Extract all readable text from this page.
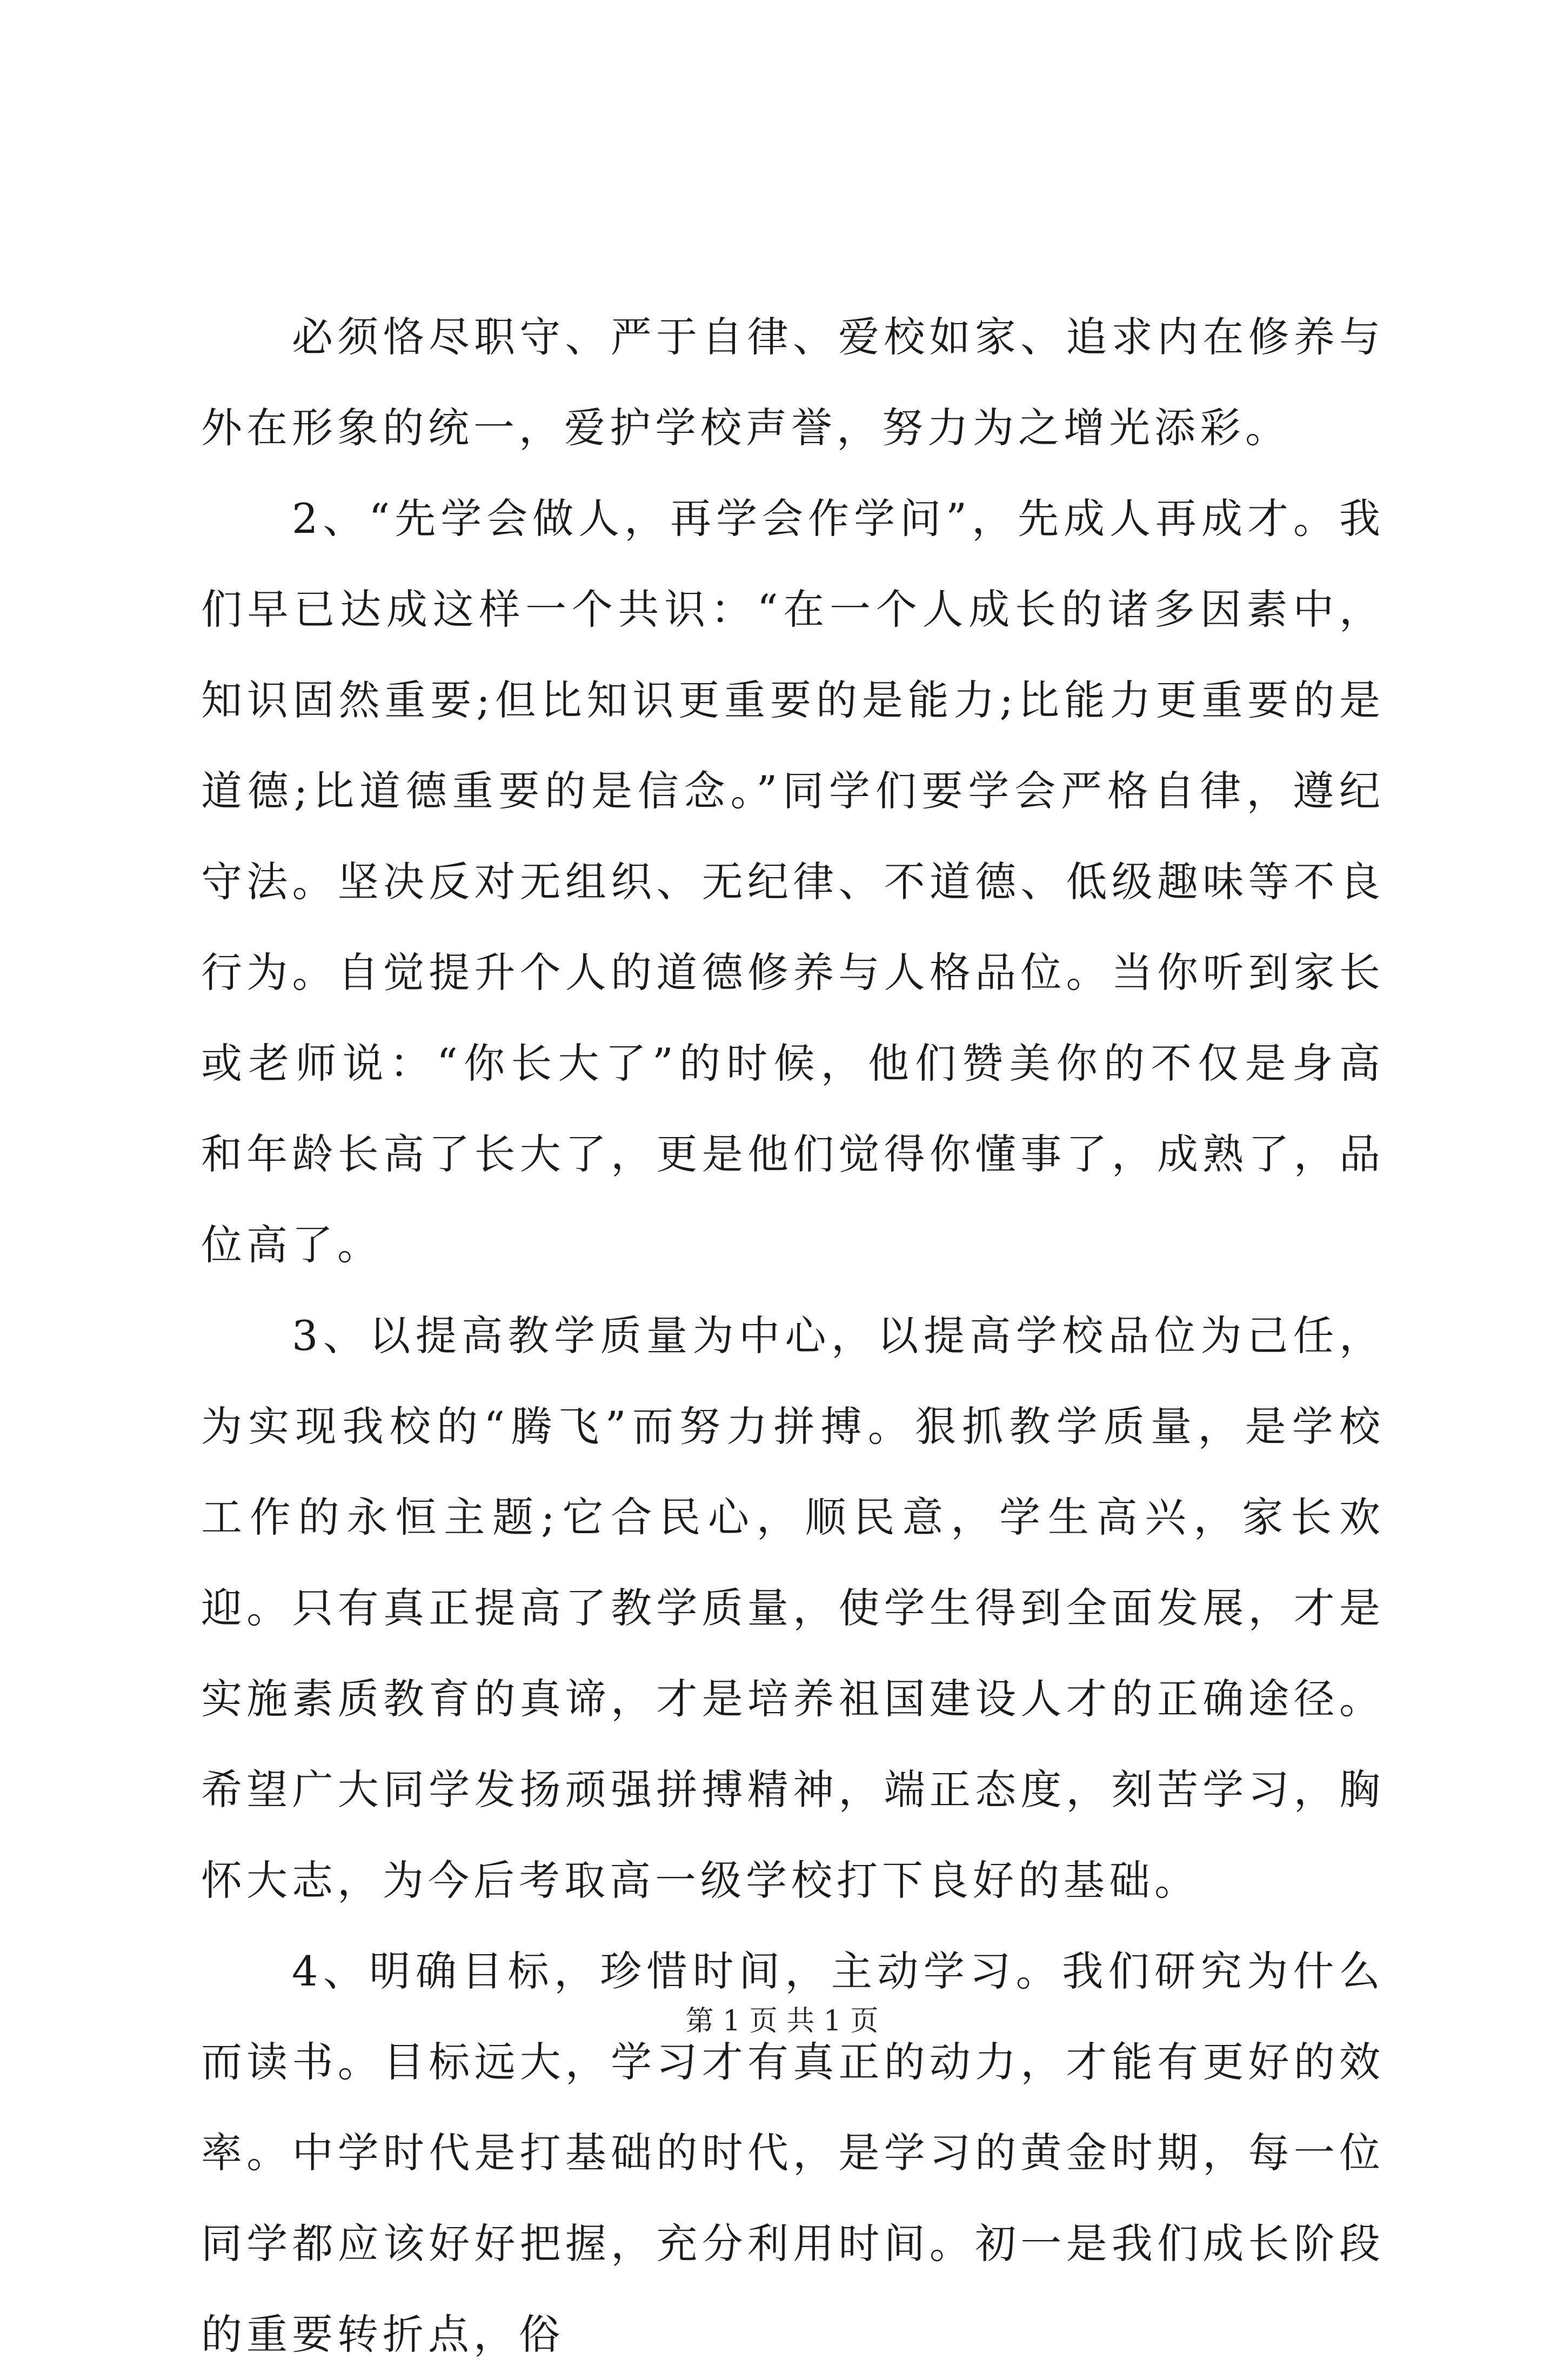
必须恪尽职守、严于自律、爱校如家、追求内在修养与外在形象的统一，爱护学校声誉，努力为之增光添彩。

2、“先学会做人，再学会作学问”，先成人再成才。我们早已达成这样一个共识：“在一个人成长的诸多因素中，知识固然重要;但比知识更重要的是能力;比能力更重要的是道德;比道德重要的是信念。”同学们要学会严格自律，遵纪守法。坚决反对无组织、无纪律、不道德、低级趣味等不良行为。自觉提升个人的道德修养与人格品位。当你听到家长或老师说：“你长大了”的时候，他们赞美你的不仅是身高和年龄长高了长大了，更是他们觉得你懂事了，成熟了，品位高了。

3、以提高教学质量为中心，以提高学校品位为己任，为实现我校的“腾飞”而努力拼搏。狠抓教学质量，是学校工作的永恒主题;它合民心，顺民意，学生高兴，家长欢迎。只有真正提高了教学质量，使学生得到全面发展，才是实施素质教育的真谛，才是培养祖国建设人才的正确途径。希望广大同学发扬顽强拼搏精神，端正态度，刻苦学习，胸怀大志，为今后考取高一级学校打下良好的基础。

4、明确目标，珍惜时间，主动学习。我们研究为什么而读书。目标远大，学习才有真正的动力，才能有更好的效率。中学时代是打基础的时代，是学习的黄金时期，每一位同学都应该好好把握，充分利用时间。初一是我们成长阶段的重要转折点，俗

第 1 页 共 1 页
